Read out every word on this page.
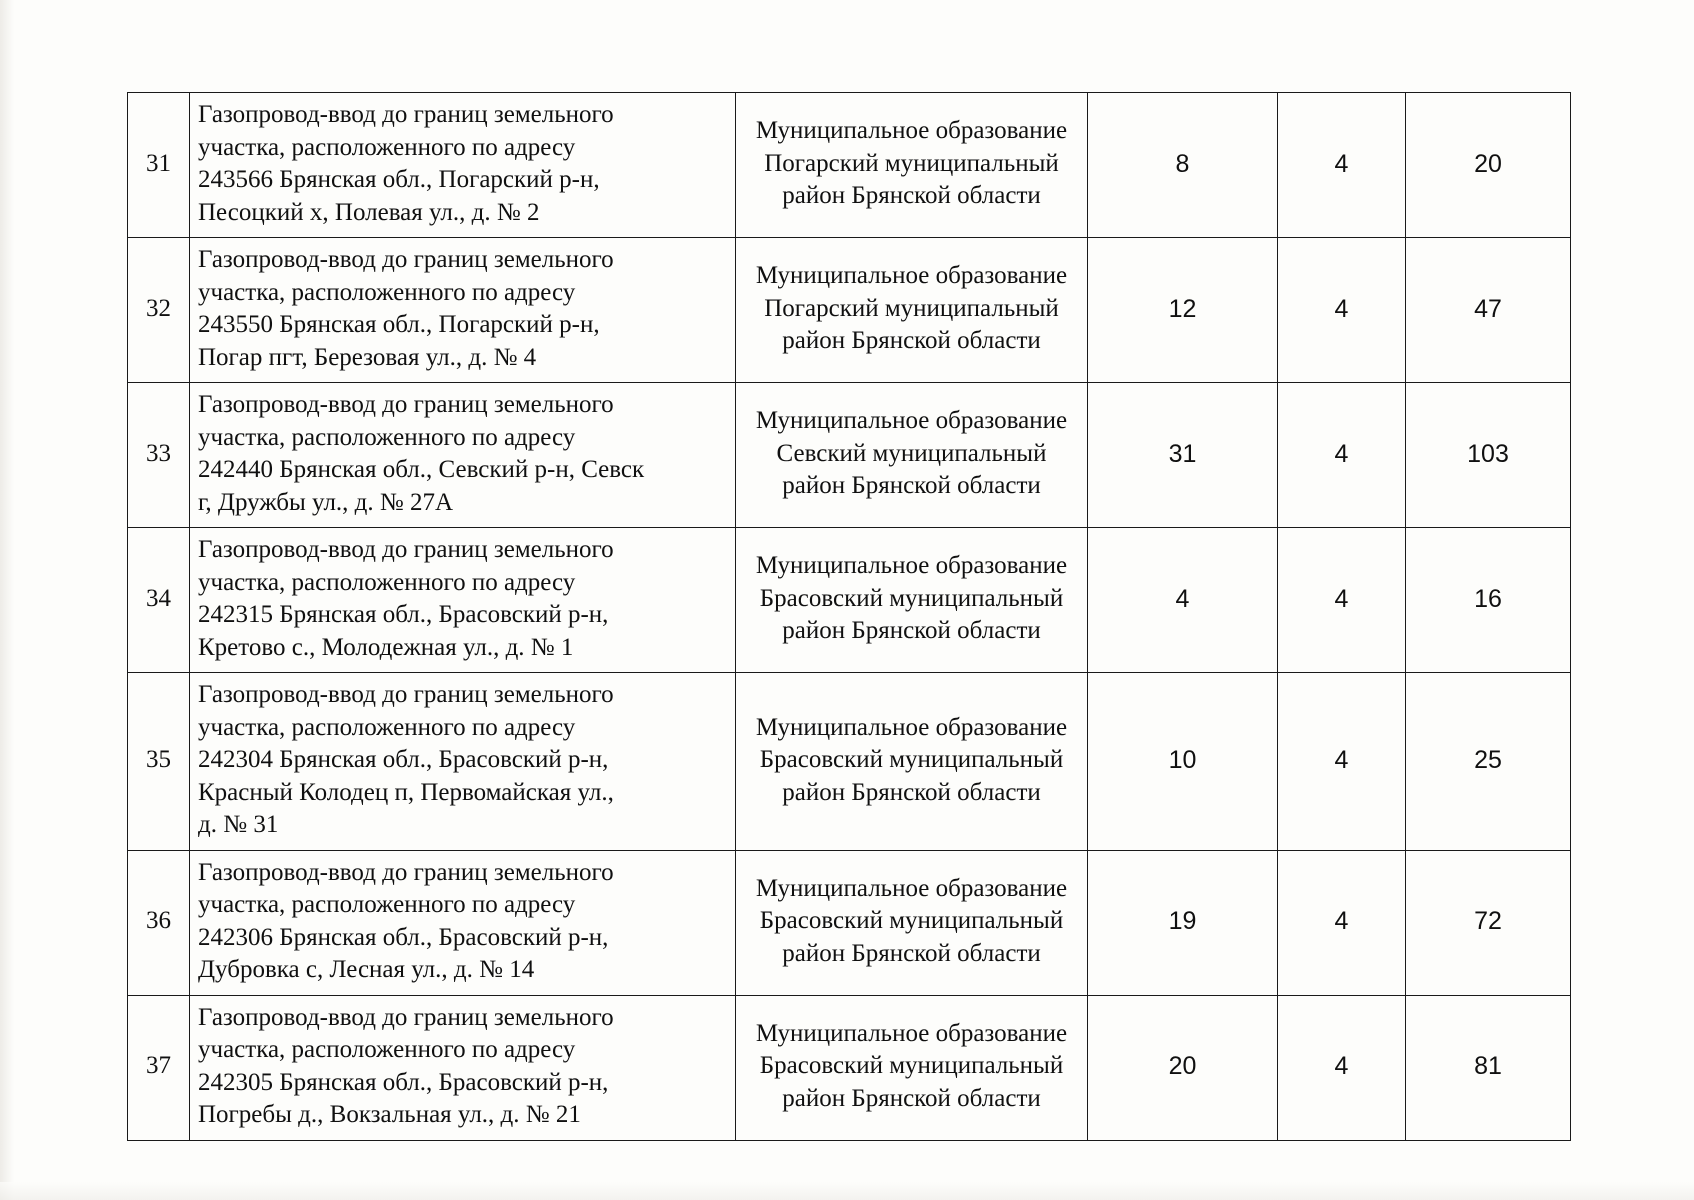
31	Газопровод-ввод до границ земельного
участка, расположенного по адресу
243566 Брянская обл., Погарский р-н,
Песоцкий х, Полевая ул., д. № 2	Муниципальное образование
Погарский муниципальный
район Брянской области	8	4	20
32	Газопровод-ввод до границ земельного
участка, расположенного по адресу
243550 Брянская обл., Погарский р-н,
Погар пгт, Березовая ул., д. № 4	Муниципальное образование
Погарский муниципальный
район Брянской области	12	4	47
33	Газопровод-ввод до границ земельного
участка, расположенного по адресу
242440 Брянская обл., Севский р-н, Севск
г, Дружбы ул., д. № 27А	Муниципальное образование
Севский муниципальный
район Брянской области	31	4	103
34	Газопровод-ввод до границ земельного
участка, расположенного по адресу
242315 Брянская обл., Брасовский р-н,
Кретово с., Молодежная ул., д. № 1	Муниципальное образование
Брасовский муниципальный
район Брянской области	4	4	16
35	Газопровод-ввод до границ земельного
участка, расположенного по адресу
242304 Брянская обл., Брасовский р-н,
Красный Колодец п, Первомайская ул.,
д. № 31	Муниципальное образование
Брасовский муниципальный
район Брянской области	10	4	25
36	Газопровод-ввод до границ земельного
участка, расположенного по адресу
242306 Брянская обл., Брасовский р-н,
Дубровка с, Лесная ул., д. № 14	Муниципальное образование
Брасовский муниципальный
район Брянской области	19	4	72
37	Газопровод-ввод до границ земельного
участка, расположенного по адресу
242305 Брянская обл., Брасовский р-н,
Погребы д., Вокзальная ул., д. № 21	Муниципальное образование
Брасовский муниципальный
район Брянской области	20	4	81
